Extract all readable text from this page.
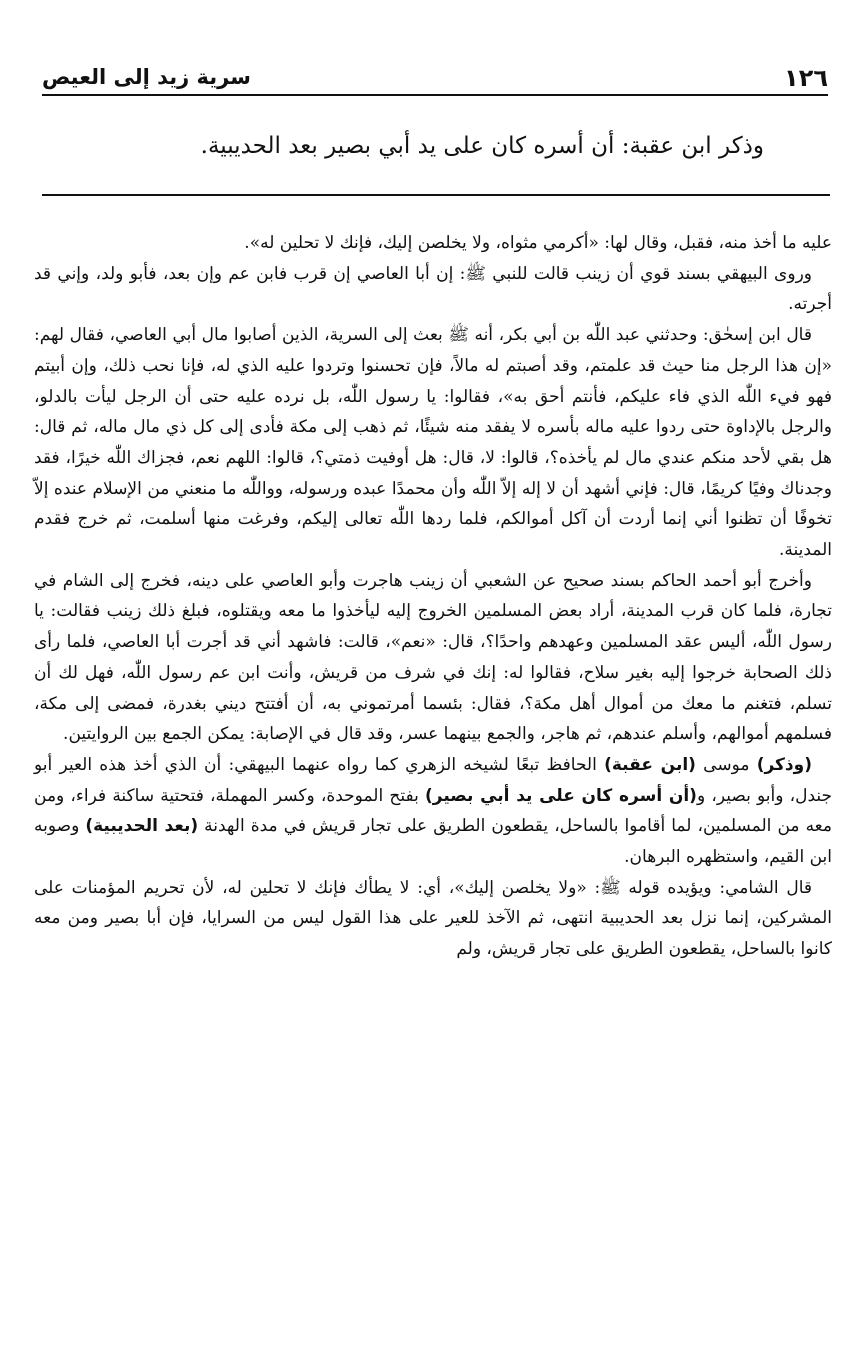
١٢٦
سرية زيد إلى العيص

وذكر ابن عقبة: أن أسره كان على يد أبي بصير بعد الحديبية.

عليه ما أخذ منه، فقبل، وقال لها: «أكرمي مثواه، ولا يخلصن إليك، فإنك لا تحلين له».

وروى البيهقي بسند قوي أن زينب قالت للنبي ﷺ: إن أبا العاصي إن قرب فابن عم وإن بعد، فأبو ولد، وإني قد أجرته.

قال ابن إسحٰق: وحدثني عبد اللّٰه بن أبي بكر، أنه ﷺ بعث إلى السرية، الذين أصابوا مال أبي العاصي، فقال لهم: «إن هذا الرجل منا حيث قد علمتم، وقد أصبتم له مالاً، فإن تحسنوا وتردوا عليه الذي له، فإنا نحب ذلك، وإن أبيتم فهو فيء اللّٰه الذي فاء عليكم، فأنتم أحق به»، فقالوا: يا رسول اللّٰه، بل نرده عليه حتى أن الرجل ليأت بالدلو، والرجل بالإداوة حتى ردوا عليه ماله بأسره لا يفقد منه شيئًا، ثم ذهب إلى مكة فأدى إلى كل ذي مال ماله، ثم قال: هل بقي لأحد منكم عندي مال لم يأخذه؟، قالوا: لا، قال: هل أوفيت ذمتي؟، قالوا: اللهم نعم، فجزاك اللّٰه خيرًا، فقد وجدناك وفيًا كريمًا، قال: فإني أشهد أن لا إله إلاّ اللّٰه وأن محمدًا عبده ورسوله، وواللّٰه ما منعني من الإسلام عنده إلاّ تخوفًا أن تظنوا أني إنما أردت أن آكل أموالكم، فلما ردها اللّٰه تعالى إليكم، وفرغت منها أسلمت، ثم خرج فقدم المدينة.

وأخرج أبو أحمد الحاكم بسند صحيح عن الشعبي أن زينب هاجرت وأبو العاصي على دينه، فخرج إلى الشام في تجارة، فلما كان قرب المدينة، أراد بعض المسلمين الخروج إليه ليأخذوا ما معه ويقتلوه، فبلغ ذلك زينب فقالت: يا رسول اللّٰه، أليس عقد المسلمين وعهدهم واحدًا؟، قال: «نعم»، قالت: فاشهد أني قد أجرت أبا العاصي، فلما رأى ذلك الصحابة خرجوا إليه بغير سلاح، فقالوا له: إنك في شرف من قريش، وأنت ابن عم رسول اللّٰه، فهل لك أن تسلم، فتغنم ما معك من أموال أهل مكة؟، فقال: بئسما أمرتموني به، أن أفتتح ديني بغدرة، فمضى إلى مكة، فسلمهم أموالهم، وأسلم عندهم، ثم هاجر، والجمع بينهما عسر، وقد قال في الإصابة: يمكن الجمع بين الروايتين.

(وذكر) موسى (ابن عقبة) الحافظ تبعًا لشيخه الزهري كما رواه عنهما البيهقي: أن الذي أخذ هذه العير أبو جندل، وأبو بصير، و(أن أسره كان على يد أبي بصير) بفتح الموحدة، وكسر المهملة، فتحتية ساكنة فراء، ومن معه من المسلمين، لما أقاموا بالساحل، يقطعون الطريق على تجار قريش في مدة الهدنة (بعد الحديبية) وصوبه ابن القيم، واستظهره البرهان.

قال الشامي: ويؤيده قوله ﷺ: «ولا يخلصن إليك»، أي: لا يطأك فإنك لا تحلين له، لأن تحريم المؤمنات على المشركين، إنما نزل بعد الحديبية انتهى، ثم الآخذ للعير على هذا القول ليس من السرايا، فإن أبا بصير ومن معه كانوا بالساحل، يقطعون الطريق على تجار قريش، ولم
